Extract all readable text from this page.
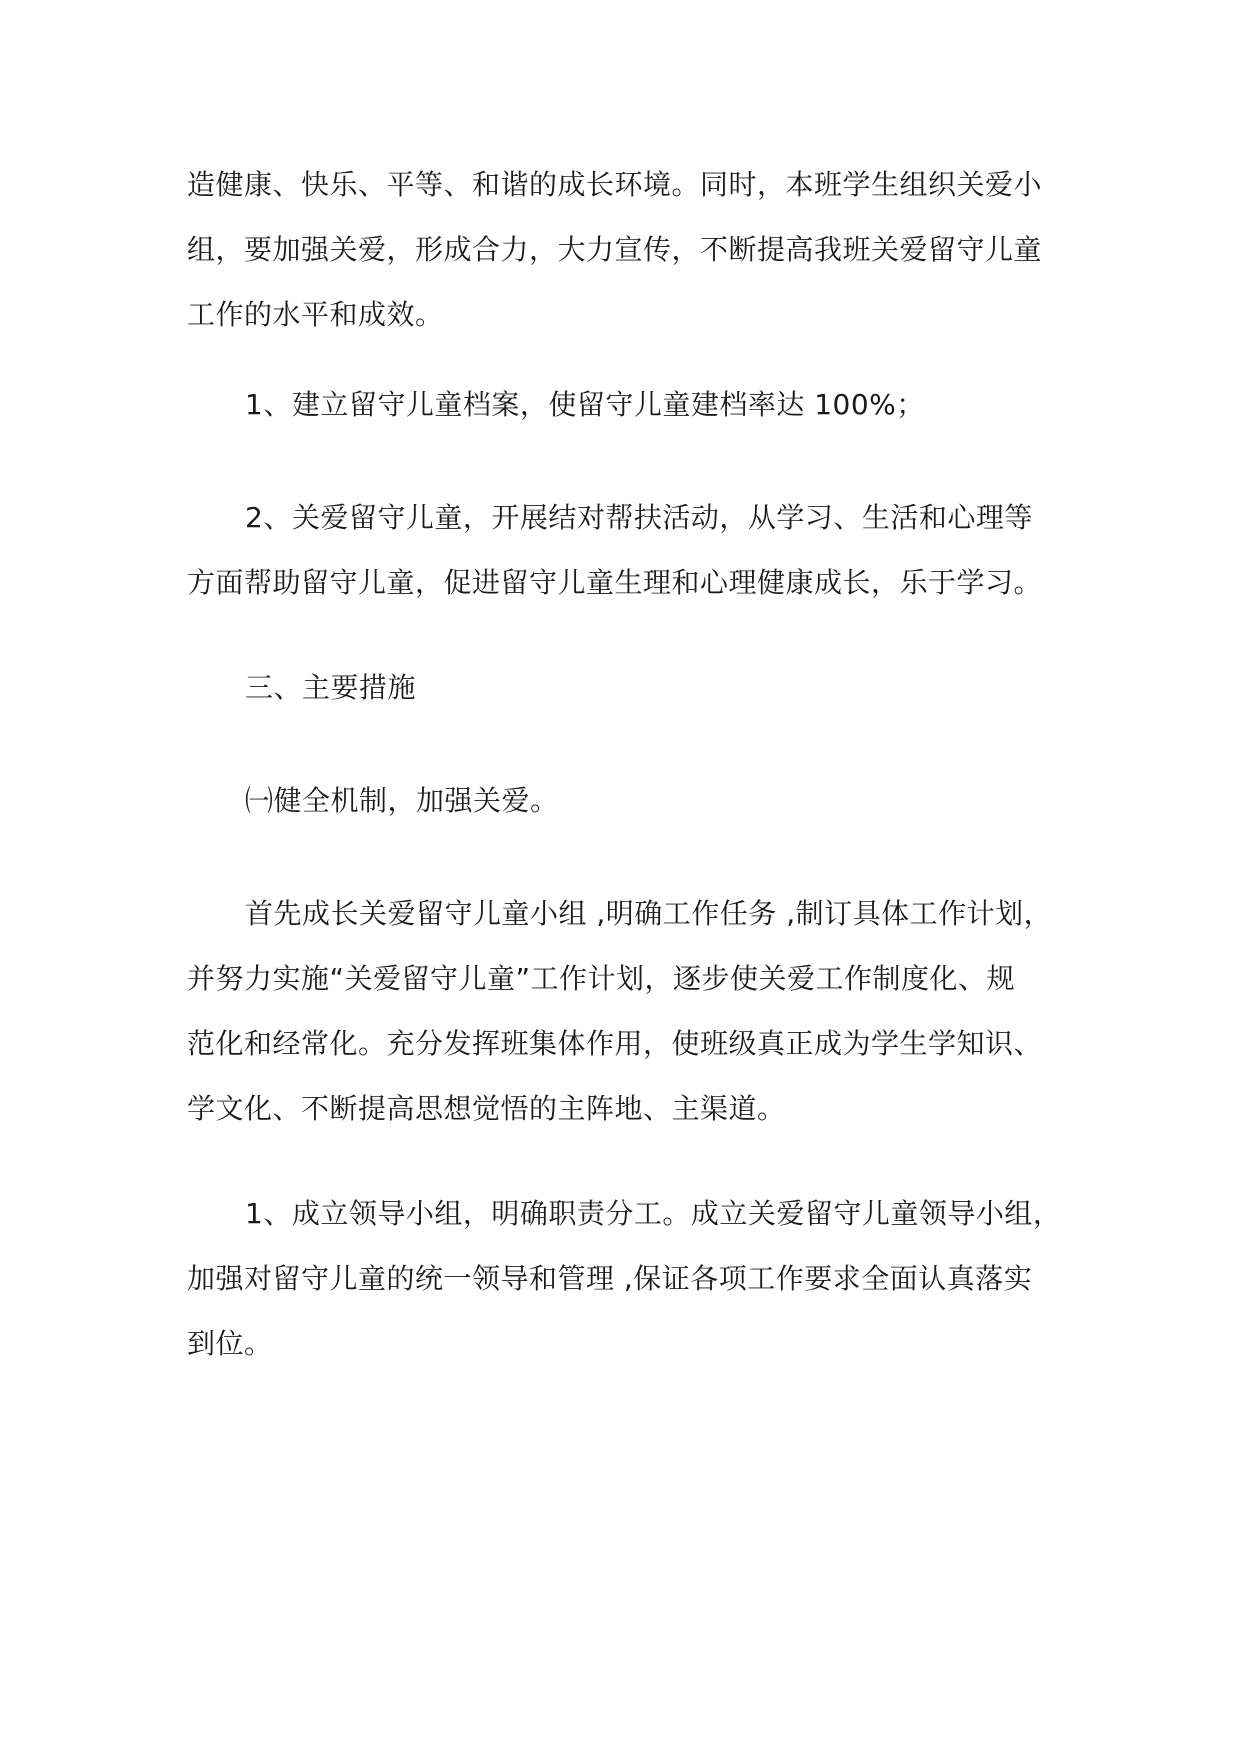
造健康、快乐、平等、和谐的成长环境。同时，本班学生组织关爱小
组，要加强关爱，形成合力，大力宣传，不断提高我班关爱留守儿童
工作的水平和成效。

1、建立留守儿童档案，使留守儿童建档率达 100%；

2、关爱留守儿童，开展结对帮扶活动，从学习、生活和心理等
方面帮助留守儿童，促进留守儿童生理和心理健康成长，乐于学习。

三、主要措施

㈠健全机制，加强关爱。

首先成长关爱留守儿童小组 ,明确工作任务 ,制订具体工作计划，
并努力实施“关爱留守儿童”工作计划，逐步使关爱工作制度化、规
范化和经常化。充分发挥班集体作用，使班级真正成为学生学知识、
学文化、不断提高思想觉悟的主阵地、主渠道。

1、成立领导小组，明确职责分工。成立关爱留守儿童领导小组，
加强对留守儿童的统一领导和管理 ,保证各项工作要求全面认真落实
到位。
